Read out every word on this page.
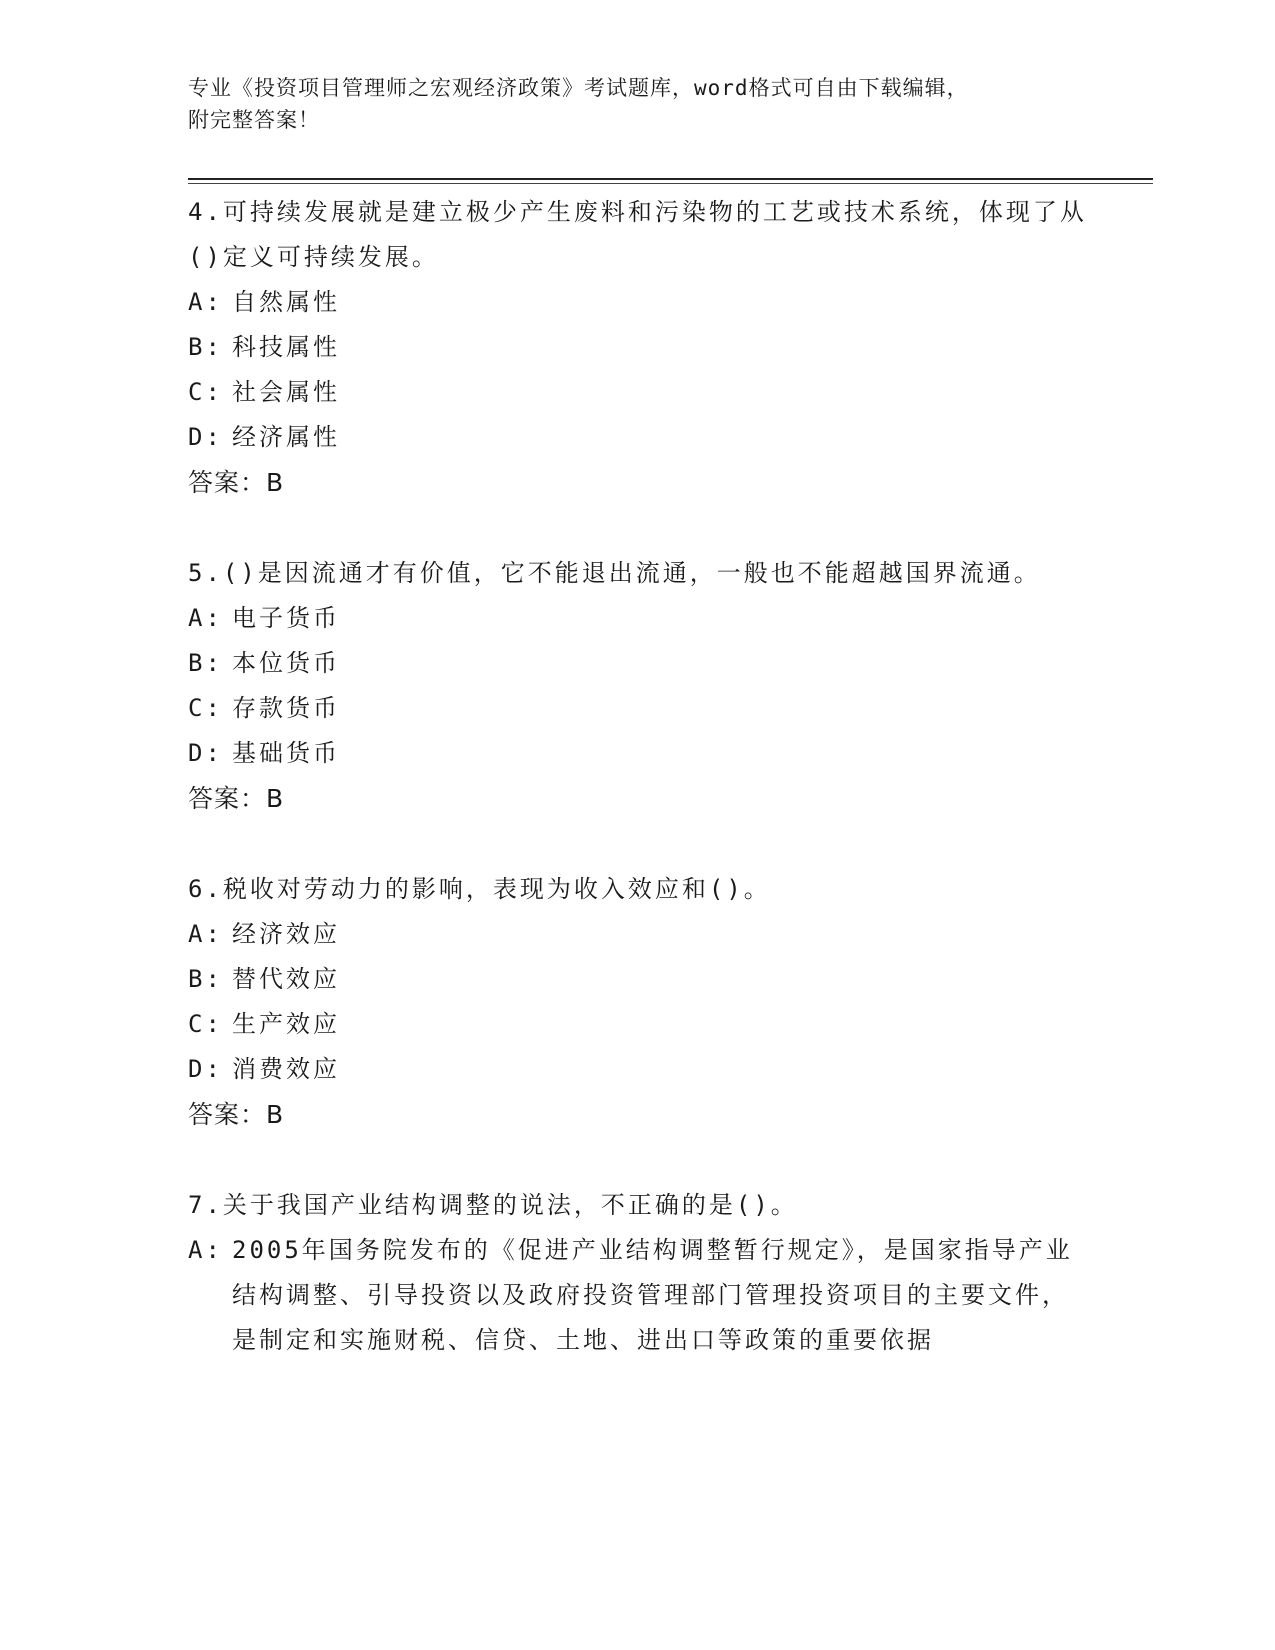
专业《投资项目管理师之宏观经济政策》考试题库，word格式可自由下载编辑，
附完整答案！
4.可持续发展就是建立极少产生废料和污染物的工艺或技术系统，体现了从()定义可持续发展。
A: 自然属性
B: 科技属性
C: 社会属性
D: 经济属性
答案：B
5.()是因流通才有价值，它不能退出流通，一般也不能超越国界流通。
A: 电子货币
B: 本位货币
C: 存款货币
D: 基础货币
答案：B
6.税收对劳动力的影响，表现为收入效应和()。
A: 经济效应
B: 替代效应
C: 生产效应
D: 消费效应
答案：B
7.关于我国产业结构调整的说法，不正确的是()。
A: 2005年国务院发布的《促进产业结构调整暂行规定》，是国家指导产业结构调整、引导投资以及政府投资管理部门管理投资项目的主要文件，是制定和实施财税、信贷、土地、进出口等政策的重要依据
